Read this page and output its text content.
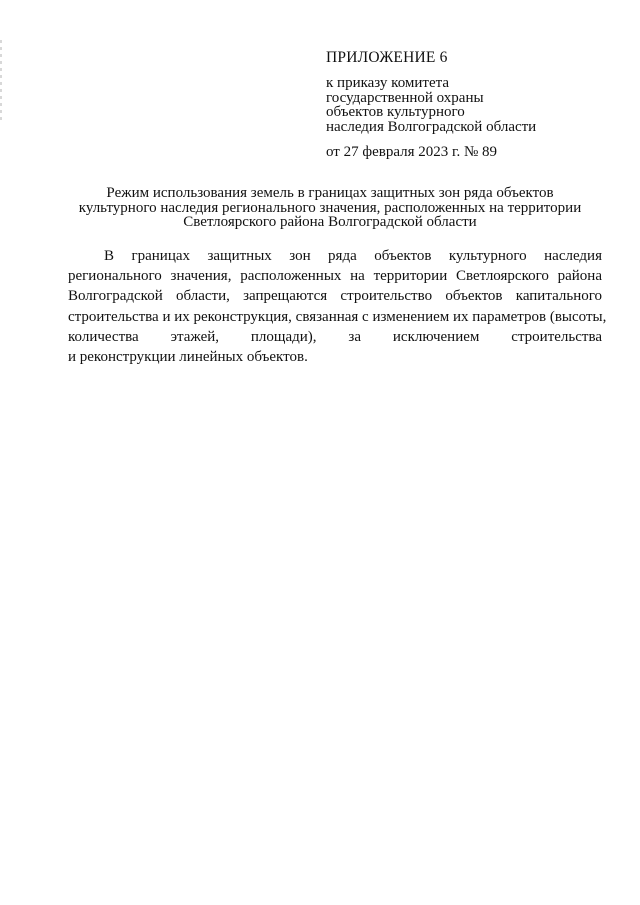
ПРИЛОЖЕНИЕ 6
к приказу комитета
государственной охраны
объектов культурного
наследия Волгоградской области
от 27 февраля 2023 г. № 89
Режим использования земель в границах защитных зон ряда объектов
культурного наследия регионального значения, расположенных на территории
Светлоярского района Волгоградской области
В границах защитных зон ряда объектов культурного наследия
регионального значения, расположенных на территории Светлоярского района
Волгоградской области, запрещаются строительство объектов капитального
строительства и их реконструкция, связанная с изменением их параметров (высоты,
количества этажей, площади), за исключением строительства
и реконструкции линейных объектов.
